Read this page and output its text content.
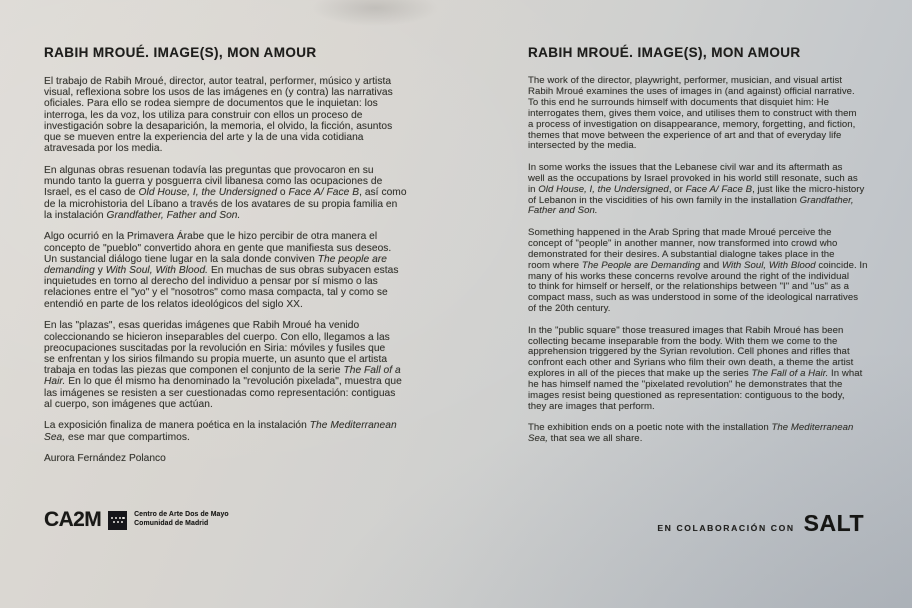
RABIH MROUÉ. IMAGE(S), MON AMOUR

El trabajo de Rabih Mroué, director, autor teatral, performer, músico y artista
visual, reflexiona sobre los usos de las imágenes en (y contra) las narrativas
oficiales. Para ello se rodea siempre de documentos que le inquietan: los
interroga, les da voz, los utiliza para construir con ellos un proceso de
investigación sobre la desaparición, la memoria, el olvido, la ficción, asuntos
que se mueven entre la experiencia del arte y la de una vida cotidiana
atravesada por los media.

En algunas obras resuenan todavía las preguntas que provocaron en su
mundo tanto la guerra y posguerra civil libanesa como las ocupaciones de
Israel, es el caso de Old House, I, the Undersigned o Face A/ Face B, así como
de la microhistoria del Líbano a través de los avatares de su propia familia en
la instalación Grandfather, Father and Son.

Algo ocurrió en la Primavera Árabe que le hizo percibir de otra manera el
concepto de "pueblo" convertido ahora en gente que manifiesta sus deseos.
Un sustancial diálogo tiene lugar en la sala donde conviven The people are
demanding y With Soul, With Blood. En muchas de sus obras subyacen estas
inquietudes en torno al derecho del individuo a pensar por sí mismo o las
relaciones entre el "yo" y el "nosotros" como masa compacta, tal y como se
entendió en parte de los relatos ideológicos del siglo XX.

En las "plazas", esas queridas imágenes que Rabih Mroué ha venido
coleccionando se hicieron inseparables del cuerpo. Con ello, llegamos a las
preocupaciones suscitadas por la revolución en Siria: móviles y fusiles que
se enfrentan y los sirios filmando su propia muerte, un asunto que el artista
trabaja en todas las piezas que componen el conjunto de la serie The Fall of a
Hair. En lo que él mismo ha denominado la "revolución pixelada", muestra que
las imágenes se resisten a ser cuestionadas como representación: contiguas
al cuerpo, son imágenes que actúan.

La exposición finaliza de manera poética en la instalación The Mediterranean
Sea, ese mar que compartimos.

Aurora Fernández Polanco

RABIH MROUÉ. IMAGE(S), MON AMOUR

The work of the director, playwright, performer, musician, and visual artist
Rabih Mroué examines the uses of images in (and against) official narrative.
To this end he surrounds himself with documents that disquiet him: He
interrogates them, gives them voice, and utilises them to construct with them
a process of investigation on disappearance, memory, forgetting, and fiction,
themes that move between the experience of art and that of everyday life
intersected by the media.

In some works the issues that the Lebanese civil war and its aftermath as
well as the occupations by Israel provoked in his world still resonate, such as
in Old House, I, the Undersigned, or Face A/ Face B, just like the micro-history
of Lebanon in the viscidities of his own family in the installation Grandfather,
Father and Son.

Something happened in the Arab Spring that made Mroué perceive the
concept of "people" in another manner, now transformed into crowd who
demonstrated for their desires. A substantial dialogne takes place in the
room where The People are Demanding and With Soul, With Blood coincide. In
many of his works these concerns revolve around the right of the individual
to think for himself or herself, or the relationships between "I" and "us" as a
compact mass, such as was understood in some of the ideological narratives
of the 20th century.

In the "public square" those treasured images that Rabih Mroué has been
collecting became inseparable from the body. With them we come to the
apprehension triggered by the Syrian revolution. Cell phones and rifles that
confront each other and Syrians who film their own death, a theme the artist
explores in all of the pieces that make up the series The Fall of a Hair. In what
he has himself named the "pixelated revolution" he demonstrates that the
images resist being questioned as representation: contiguous to the body,
they are images that perform.

The exhibition ends on a poetic note with the installation The Mediterranean
Sea, that sea we all share.

CA2M	Centro de Arte Dos de Mayo
Comunidad de Madrid	EN COLABORACIÓN CON SALT
